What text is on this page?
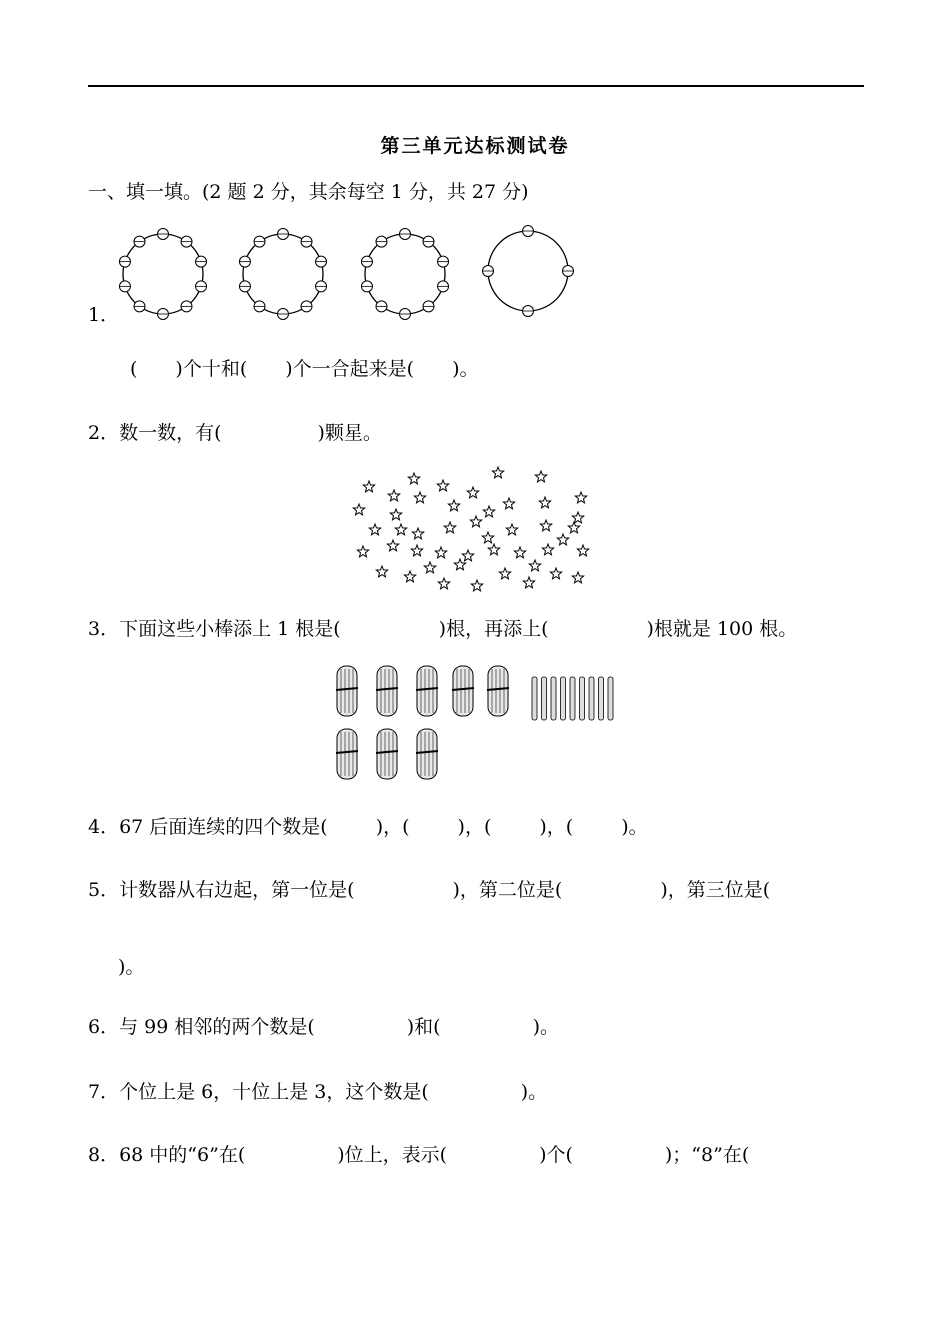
第三单元达标测试卷
一、填一填。(2 题 2 分，其余每空 1 分，共 27 分)
1．
( )个十和( )个一合起来是( )。
2．数一数，有(	)颗星。
3．下面这些小棒添上 1 根是(	)根，再添上(	)根就是 100 根。
4．67 后面连续的四个数是(	)，(	)，(	)，(	)。
5．计数器从右边起，第一位是(	)，第二位是(	)，第三位是(
)。
6．与 99 相邻的两个数是(	)和(	)。
7．个位上是 6，十位上是 3，这个数是(	)。
8．68 中的“6”在(	)位上，表示(	)个(	)；“8”在(
